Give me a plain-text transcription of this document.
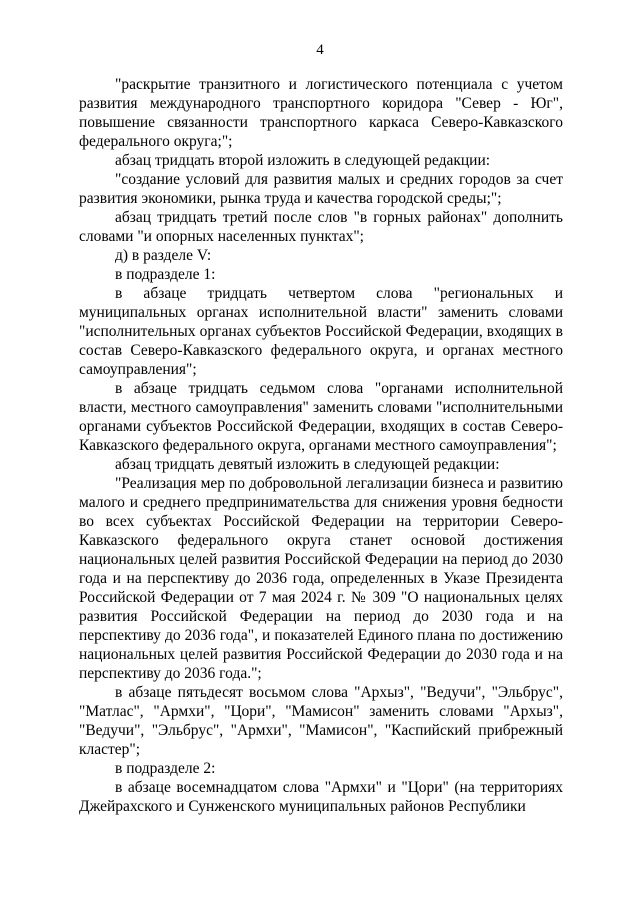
4

"раскрытие транзитного и логистического потенциала с учетом развития международного транспортного коридора "Север - Юг", повышение связанности транспортного каркаса Северо-Кавказского федерального округа;";

абзац тридцать второй изложить в следующей редакции:

"создание условий для развития малых и средних городов за счет развития экономики, рынка труда и качества городской среды;";

абзац тридцать третий после слов "в горных районах" дополнить словами "и опорных населенных пунктах";

д) в разделе V:

в подразделе 1:

в абзаце тридцать четвертом слова "региональных и муниципальных органах исполнительной власти" заменить словами "исполнительных органах субъектов Российской Федерации, входящих в состав Северо-Кавказского федерального округа, и органах местного самоуправления";

в абзаце тридцать седьмом слова "органами исполнительной власти, местного самоуправления" заменить словами "исполнительными органами субъектов Российской Федерации, входящих в состав Северо-Кавказского федерального округа, органами местного самоуправления";

абзац тридцать девятый изложить в следующей редакции:

"Реализация мер по добровольной легализации бизнеса и развитию малого и среднего предпринимательства для снижения уровня бедности во всех субъектах Российской Федерации на территории Северо-Кавказского федерального округа станет основой достижения национальных целей развития Российской Федерации на период до 2030 года и на перспективу до 2036 года, определенных в Указе Президента Российской Федерации от 7 мая 2024 г. № 309 "О национальных целях развития Российской Федерации на период до 2030 года и на перспективу до 2036 года", и показателей Единого плана по достижению национальных целей развития Российской Федерации до 2030 года и на перспективу до 2036 года.";

в абзаце пятьдесят восьмом слова "Архыз", "Ведучи", "Эльбрус", "Матлас", "Армхи", "Цори", "Мамисон" заменить словами "Архыз", "Ведучи", "Эльбрус", "Армхи", "Мамисон", "Каспийский прибрежный кластер";

в подразделе 2:

в абзаце восемнадцатом слова "Армхи" и "Цори" (на территориях Джейрахского и Сунженского муниципальных районов Республики
